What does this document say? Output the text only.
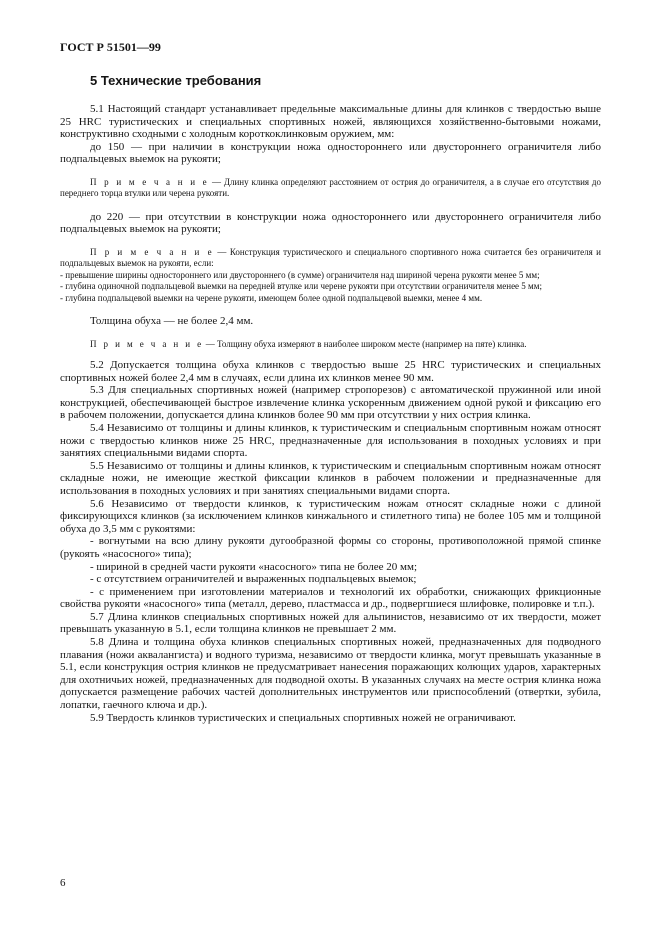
ГОСТ Р 51501—99
5 Технические требования

5.1 Настоящий стандарт устанавливает предельные максимальные длины для клинков с твердостью выше 25 HRC туристических и специальных спортивных ножей, являющихся хозяйственно-бытовыми ножами, конструктивно сходными с холодным короткоклинковым оружием, мм:

до 150 — при наличии в конструкции ножа одностороннего или двустороннего ограничителя либо подпальцевых выемок на рукояти;

П р и м е ч а н и е — Длину клинка определяют расстоянием от острия до ограничителя, а в случае его отсутствия до переднего торца втулки или черена рукояти.

до 220 — при отсутствии в конструкции ножа одностороннего или двустороннего ограничителя либо подпальцевых выемок на рукояти;

П р и м е ч а н и е — Конструкция туристического и специального спортивного ножа считается без ограничителя и подпальцевых выемок на рукояти, если:

- превышение ширины одностороннего или двустороннего (в сумме) ограничителя над шириной черена рукояти менее 5 мм;

- глубина одиночной подпальцевой выемки на передней втулке или черене рукояти при отсутствии ограничителя менее 5 мм;

- глубина подпальцевой выемки на черене рукояти, имеющем более одной подпальцевой выемки, менее 4 мм.

Толщина обуха — не более 2,4 мм.

П р и м е ч а н и е — Толщину обуха измеряют в наиболее широком месте (например на пяте) клинка.

5.2 Допускается толщина обуха клинков с твердостью выше 25 HRC туристических и специальных спортивных ножей более 2,4 мм в случаях, если длина их клинков менее 90 мм.

5.3 Для специальных спортивных ножей (например стропорезов) с автоматической пружинной или иной конструкцией, обеспечивающей быстрое извлечение клинка ускоренным движением одной рукой и фиксацию его в рабочем положении, допускается длина клинков более 90 мм при отсутствии у них острия клинка.

5.4 Независимо от толщины и длины клинков, к туристическим и специальным спортивным ножам относят ножи с твердостью клинков ниже 25 HRC, предназначенные для использования в походных условиях и при занятиях специальными видами спорта.

5.5 Независимо от толщины и длины клинков, к туристическим и специальным спортивным ножам относят складные ножи, не имеющие жесткой фиксации клинков в рабочем положении и предназначенные для использования в походных условиях и при занятиях специальными видами спорта.

5.6 Независимо от твердости клинков, к туристическим ножам относят складные ножи с длиной фиксирующихся клинков (за исключением клинков кинжального и стилетного типа) не более 105 мм и толщиной обуха до 3,5 мм с рукоятями:

- вогнутыми на всю длину рукояти дугообразной формы со стороны, противоположной прямой спинке (рукоять «насосного» типа);

- шириной в средней части рукояти «насосного» типа не более 20 мм;

- с отсутствием ограничителей и выраженных подпальцевых выемок;

- с применением при изготовлении материалов и технологий их обработки, снижающих фрикционные свойства рукояти «насосного» типа (металл, дерево, пластмасса и др., подвергшиеся шлифовке, полировке и т.п.).

5.7 Длина клинков специальных спортивных ножей для альпинистов, независимо от их твердости, может превышать указанную в 5.1, если толщина клинков не превышает 2 мм.

5.8 Длина и толщина обуха клинков специальных спортивных ножей, предназначенных для подводного плавания (ножи аквалангиста) и водного туризма, независимо от твердости клинка, могут превышать указанные в 5.1, если конструкция острия клинков не предусматривает нанесения поражающих колющих ударов, характерных для охотничьих ножей, предназначенных для подводной охоты. В указанных случаях на месте острия клинка ножа допускается размещение рабочих частей дополнительных инструментов или приспособлений (отвертки, зубила, лопатки, гаечного ключа и др.).

5.9 Твердость клинков туристических и специальных спортивных ножей не ограничивают.

6
